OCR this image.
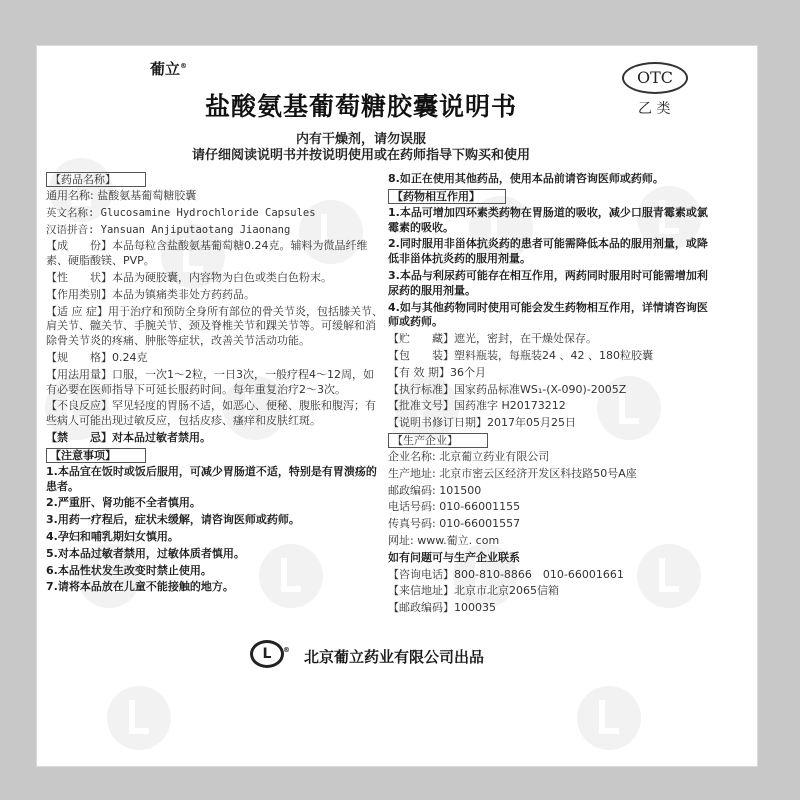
葡立®
OTC
乙 类
盐酸氨基葡萄糖胶囊说明书
内有干燥剂，请勿误服
请仔细阅读说明书并按说明使用或在药师指导下购买和使用
【药品名称】
通用名称: 盐酸氨基葡萄糖胶囊
英文名称: Glucosamine Hydrochloride Capsules
汉语拼音: Yansuan Anjiputaotang Jiaonang
【成　　份】本品每粒含盐酸氨基葡萄糖0.24克。辅料为微晶纤维素、硬脂酸镁、PVP。
【性　　状】本品为硬胶囊，内容物为白色或类白色粉末。
【作用类别】本品为镇痛类非处方药药品。
【适 应 症】用于治疗和预防全身所有部位的骨关节炎，包括膝关节、肩关节、髋关节、手腕关节、颈及脊椎关节和踝关节等。可缓解和消除骨关节炎的疼痛、肿胀等症状，改善关节活动功能。
【规　　格】0.24克
【用法用量】口服，一次1～2粒，一日3次，一般疗程4～12周，如有必要在医师指导下可延长服药时间。每年重复治疗2～3次。
【不良反应】罕见轻度的胃肠不适，如恶心、便秘、腹胀和腹泻；有些病人可能出现过敏反应，包括皮疹、瘙痒和皮肤红斑。
【禁　　忌】对本品过敏者禁用。
【注意事项】
1.本品宜在饭时或饭后服用，可减少胃肠道不适，特别是有胃溃疡的患者。
2.严重肝、肾功能不全者慎用。
3.用药一疗程后，症状未缓解，请咨询医师或药师。
4.孕妇和哺乳期妇女慎用。
5.对本品过敏者禁用，过敏体质者慎用。
6.本品性状发生改变时禁止使用。
7.请将本品放在儿童不能接触的地方。
8.如正在使用其他药品，使用本品前请咨询医师或药师。
【药物相互作用】
1.本品可增加四环素类药物在胃肠道的吸收，减少口服青霉素或氯霉素的吸收。
2.同时服用非甾体抗炎药的患者可能需降低本品的服用剂量，或降低非甾体抗炎药的服用剂量。
3.本品与利尿药可能存在相互作用，两药同时服用时可能需增加利尿药的服用剂量。
4.如与其他药物同时使用可能会发生药物相互作用，详情请咨询医师或药师。
【贮　　藏】遮光，密封，在干燥处保存。
【包　　装】塑料瓶装，每瓶装24 、42 、180粒胶囊
【有 效 期】36个月
【执行标准】国家药品标准WS₁-(X-090)-2005Z
【批准文号】国药准字 H20173212
【说明书修订日期】2017年05月25日
【生产企业】
企业名称: 北京葡立药业有限公司
生产地址: 北京市密云区经济开发区科技路50号A座
邮政编码: 101500
电话号码: 010-66001155
传真号码: 010-66001557
网址: www.葡立. com
如有问题可与生产企业联系
【咨询电话】800-810-8866　010-66001661
【来信地址】北京市北京2065信箱
【邮政编码】100035
L ® 北京葡立药业有限公司出品
